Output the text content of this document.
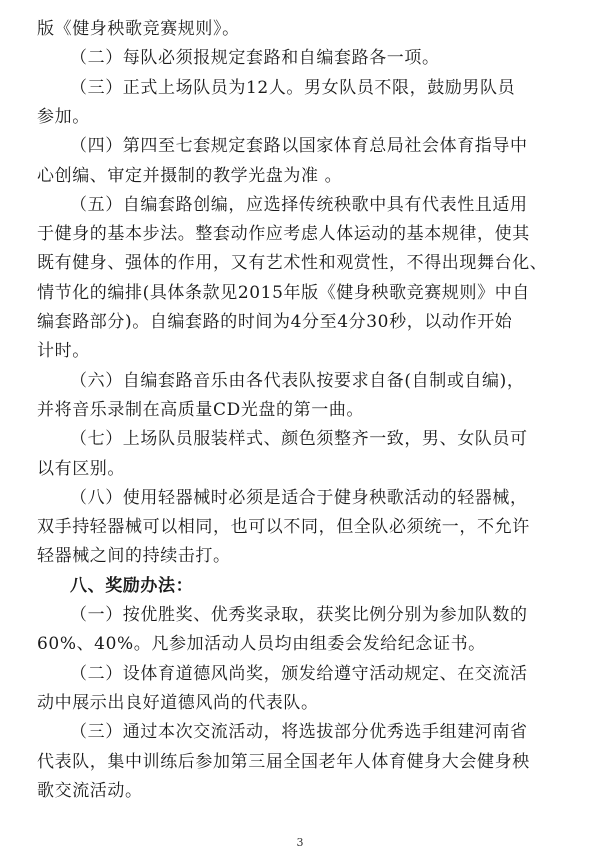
版《健身秧歌竞赛规则》。
（二）每队必须报规定套路和自编套路各一项。
（三）正式上场队员为12人。男女队员不限，鼓励男队员
参加。
（四）第四至七套规定套路以国家体育总局社会体育指导中
心创编、审定并摄制的教学光盘为准 。
（五）自编套路创编，应选择传统秧歌中具有代表性且适用
于健身的基本步法。整套动作应考虑人体运动的基本规律，使其
既有健身、强体的作用，又有艺术性和观赏性，不得出现舞台化、
情节化的编排(具体条款见2015年版《健身秧歌竞赛规则》中自
编套路部分)。自编套路的时间为4分至4分30秒，以动作开始
计时。
（六）自编套路音乐由各代表队按要求自备(自制或自编)，
并将音乐录制在高质量CD光盘的第一曲。
（七）上场队员服装样式、颜色须整齐一致，男、女队员可
以有区别。
（八）使用轻器械时必须是适合于健身秧歌活动的轻器械，
双手持轻器械可以相同，也可以不同，但全队必须统一，不允许
轻器械之间的持续击打。
八、奖励办法：
（一）按优胜奖、优秀奖录取，获奖比例分别为参加队数的
60%、40%。凡参加活动人员均由组委会发给纪念证书。
（二）设体育道德风尚奖，颁发给遵守活动规定、在交流活
动中展示出良好道德风尚的代表队。
（三）通过本次交流活动，将选拔部分优秀选手组建河南省
代表队，集中训练后参加第三届全国老年人体育健身大会健身秧
歌交流活动。
3
